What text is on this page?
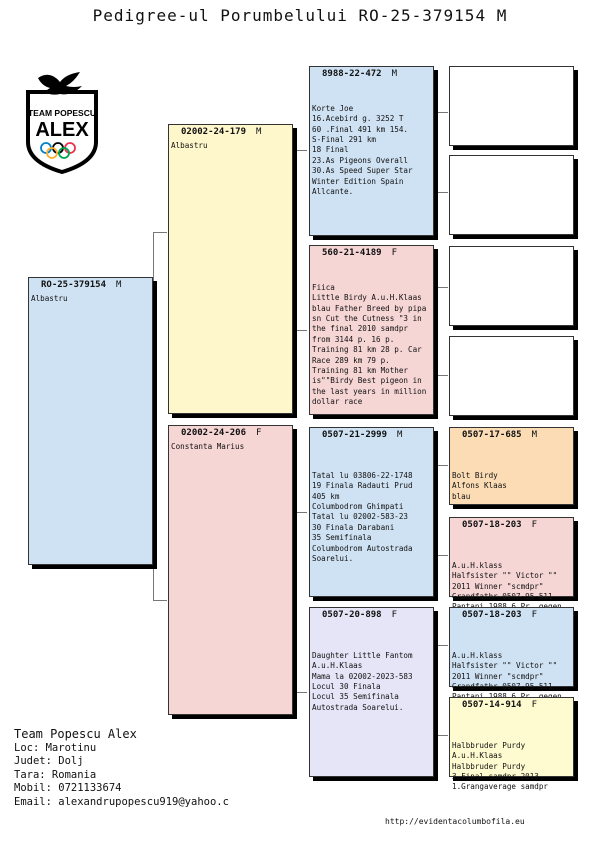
Pedigree-ul Porumbelului RO-25-379154 M
TEAM POPESCU
ALEX
RO-25-379154 M
Albastru
02002-24-179 M
Albastru
02002-24-206 F
Constanta Marius
8988-22-472 M

Korte Joe
16.Acebird g. 3252 T
60 .Final 491 km 154.
S-Final 291 km
18 Final
23.As Pigeons Overall
30.As Speed Super Star
Winter Edition Spain
Allcante.

560-21-4189 F

Fiica
Little Birdy A.u.H.Klaas
blau Father Breed by pipa
sn Cut the Cutness "3 in
the final 2010 samdpr
from 3144 p. 16 p.
Training 81 km 28 p. Car
Race 289 km 79 p.
Training 81 km Mother
is""Birdy Best pigeon in
the last years in million
dollar race

0507-21-2999 M

Tatal lu 03806-22-1748
19 Finala Radauti Prud
405 km
Columbodrom Ghimpati
Tatal lu 02002-583-23
30 Finala Darabani
35 Semifinala
Columbodrom Autostrada
Soarelui.

0507-20-898 F

Daughter Little Fantom
A.u.H.Klaas
Mama la 02002-2023-583
Locul 30 Finala
Locul 35 Semifinala
Autostrada Soarelui.

0507-17-685 M

Bolt Birdy
Alfons Klaas
blau

0507-18-203 F

A.u.H.klass
Halfsister "" Victor ""
2011 Winner "scmdpr"
Grandfathr 0507-95-511

0507-18-203 F

A.u.H.klass
Halfsister "" Victor ""
2011 Winner "scmdpr"
Grandfathr 0507-95-511

0507-14-914 F

Halbbruder Purdy
A.u.H.Klaas
Halbbruder Purdy
3 Final samdpr 2013
1.Grangaverage samdpr

Team Popescu Alex
Loc: Marotinu
Judet: Dolj
Tara: Romania
Mobil: 0721133674
Email: alexandrupopescu919@yahoo.c
http://evidentacolumbofila.eu
